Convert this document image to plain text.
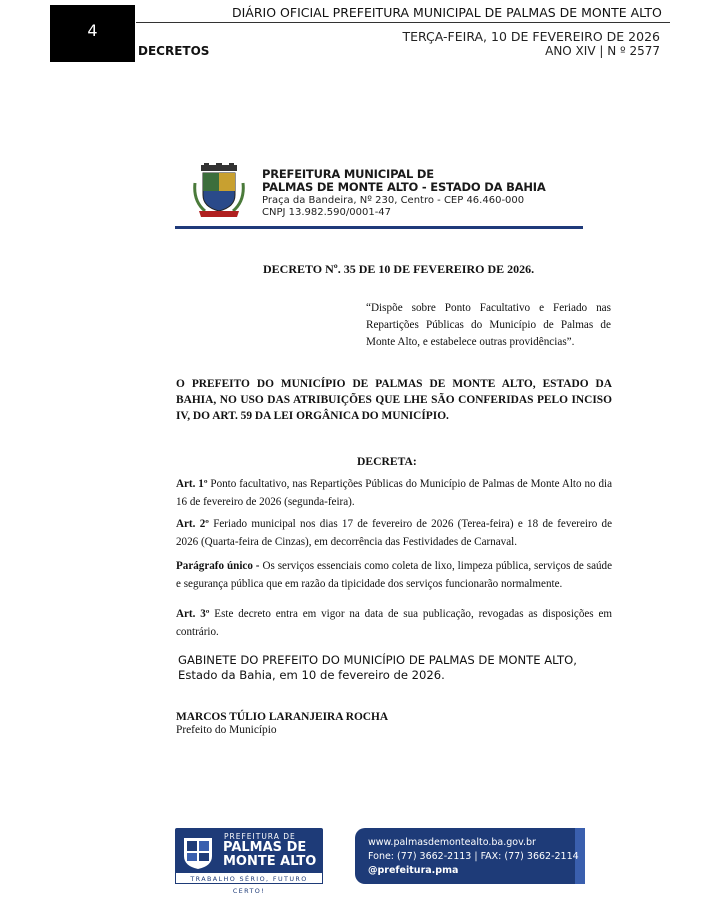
4
DIÁRIO OFICIAL PREFEITURA MUNICIPAL DE PALMAS DE MONTE ALTO
TERÇA-FEIRA, 10 DE FEVEREIRO DE 2026
DECRETOS	ANO XIV | N º 2577
PREFEITURA MUNICIPAL DE
PALMAS DE MONTE ALTO - ESTADO DA BAHIA
Praça da Bandeira, Nº 230, Centro - CEP 46.460-000
CNPJ 13.982.590/0001-47
DECRETO Nº. 35 DE 10 DE FEVEREIRO DE 2026.
“Dispõe sobre Ponto Facultativo e Feriado nas Repartições Públicas do Município de Palmas de Monte Alto, e estabelece outras providências”.
O PREFEITO DO MUNICÍPIO DE PALMAS DE MONTE ALTO, ESTADO DA BAHIA, NO USO DAS ATRIBUIÇÕES QUE LHE SÃO CONFERIDAS PELO INCISO IV, DO ART. 59 DA LEI ORGÂNICA DO MUNICÍPIO.
DECRETA:
Art. 1º Ponto facultativo, nas Repartições Públicas do Município de Palmas de Monte Alto no dia 16 de fevereiro de 2026 (segunda-feira).
Art. 2º Feriado municipal nos dias 17 de fevereiro de 2026 (Terea-feira) e 18 de fevereiro de 2026 (Quarta-feira de Cinzas), em decorrência das Festividades de Carnaval.
Parágrafo único - Os serviços essenciais como coleta de lixo, limpeza pública, serviços de saúde e segurança pública que em razão da tipicidade dos serviços funcionarão normalmente.
Art. 3º Este decreto entra em vigor na data de sua publicação, revogadas as disposições em contrário.
GABINETE DO PREFEITO DO MUNICÍPIO DE PALMAS DE MONTE ALTO,
Estado da Bahia, em 10 de fevereiro de 2026.
MARCOS TÚLIO LARANJEIRA ROCHA
Prefeito do Município
PREFEITURA DE
PALMAS DE
MONTE ALTO
TRABALHO SÉRIO, FUTURO CERTO!
www.palmasdemontealto.ba.gov.br
Fone: (77) 3662-2113 | FAX: (77) 3662-2114
@prefeitura.pma
